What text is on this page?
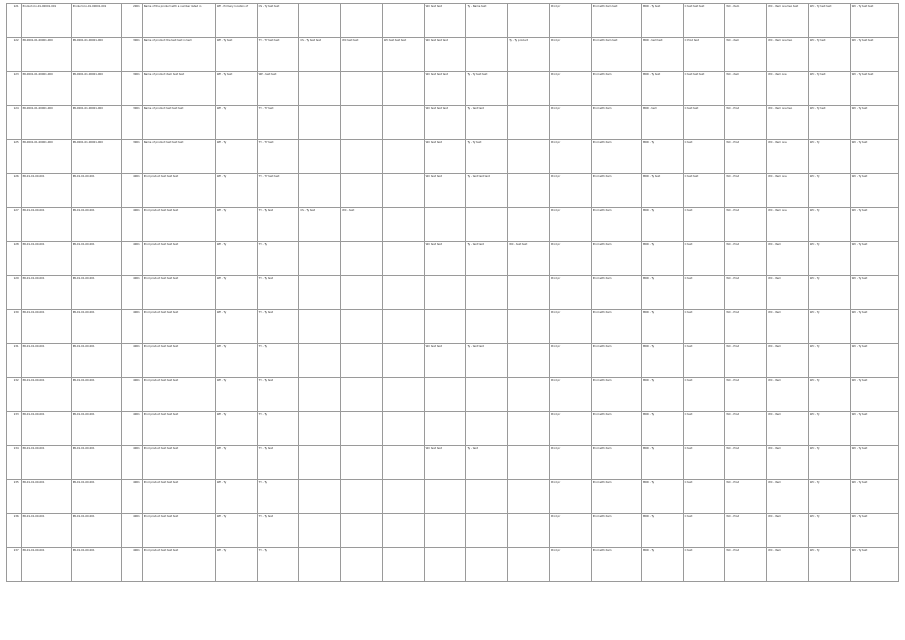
121	Product-Co-01-00001-001	Product-Co-01-00001-001	2001	Name of the product with a number listed in	WP - Primary location of	CS - Ty text text				WC text text	Ty - Name text		Prod pr	Prod with item text	MRD - Ty text	C text text text	WC - Item	WC - Item one two text	WC - Ty text text	WC - Ty text text
122	PR-0001-01-00001-000	PR-0001-01-00001-000	3001	Name of product the text text in text	WP - Ty text	TY - TY text text	CS - Ty text text	WC text text	WC text text text	WC text text text		Ty - Ty product	Prod pr	Prod with item text	MRD - text text	C Prod text	WC - item	WC - Item one two	WC - Ty text	WC - Ty text text
123	PR-0001-01-00001-000	PR-0001-01-00001-000	3001	Name of product item text text	WP - Ty text	WP - text text				WC text text text	Ty - Ty text text		Prod pr	Prod with item	MRD - Ty text	C text text text	WC - item	WC - item one	WC - Ty text	WC - Ty text text
124	PR-0001-01-00001-000	PR-0001-01-00001-000	3001	Name of product text text text	WP - Ty	TY - TY text				WC text text text	Ty - text text		Prod pr	Prod with item	MRD - text	C text text	WC - Prod	WC - Item one two	WC - Ty text	WC - Ty text
125	PR-0001-01-00001-000	PR-0001-01-00001-000	3001	Name of product text text text	WP - Ty	TY - TY text				WC text text	Ty - Ty text		Prod pr	Prod with item	MRD - Ty	C text	WC - Prod	WC - Item one	WC - Ty	WC - Ty text
126	PR-01-01-00-001	PR-01-01-00-001	4001	Prod product text text text	WP - Ty	TY - TY text text				WC text text	Ty - text text text		Prod pr	Prod with item	MRD - Ty text	C text text	WC - Prod	WC - Item one	WC - Ty	WC - Ty text
127	PR-01-01-00-001	PR-01-01-00-001	4001	Prod product text text text	WP - Ty	TY - Ty text	CS - Ty text	WC - text					Prod pr	Prod with item	MRD - Ty	C text	WC - Prod	WC - Item one	WC - Ty	WC - Ty text
128	PR-01-01-00-001	PR-01-01-00-001	4001	Prod product text text text	WP - Ty	TY - Ty				WC text text	Ty - text text	WC - text text	Prod pr	Prod with item	MRD - Ty	C text	WC - Prod	WC - Item	WC - Ty	WC - Ty text
129	PR-01-01-00-001	PR-01-01-00-001	4001	Prod product text text text	WP - Ty	TY - Ty text							Prod pr	Prod with item	MRD - Ty	C text	WC - Prod	WC - Item	WC - Ty	WC - Ty text
130	PR-01-01-00-001	PR-01-01-00-001	4001	Prod product text text text	WP - Ty	TY - Ty text							Prod pr	Prod with item	MRD - Ty	C text	WC - Prod	WC - Item	WC - Ty	WC - Ty text
131	PR-01-01-00-001	PR-01-01-00-001	4001	Prod product text text text	WP - Ty	TY - Ty				WC text text	Ty - text text		Prod pr	Prod with item	MRD - Ty	C text	WC - Prod	WC - Item	WC - Ty	WC - Ty text
132	PR-01-01-00-001	PR-01-01-00-001	4001	Prod product text text text	WP - Ty	TY - Ty text							Prod pr	Prod with item	MRD - Ty	C text	WC - Prod	WC - Item	WC - Ty	WC - Ty text
133	PR-01-01-00-001	PR-01-01-00-001	4001	Prod product text text text	WP - Ty	TY - Ty							Prod pr	Prod with item	MRD - Ty	C text	WC - Prod	WC - Item	WC - Ty	WC - Ty text
134	PR-01-01-00-001	PR-01-01-00-001	4001	Prod product text text text	WP - Ty	TY - Ty text				WC text text	Ty - text		Prod pr	Prod with item	MRD - Ty	C text	WC - Prod	WC - Item	WC - Ty	WC - Ty text
135	PR-01-01-00-001	PR-01-01-00-001	4001	Prod product text text text	WP - Ty	TY - Ty							Prod pr	Prod with item	MRD - Ty	C text	WC - Prod	WC - Item	WC - Ty	WC - Ty text
136	PR-01-01-00-001	PR-01-01-00-001	4001	Prod product text text text	WP - Ty	TY - Ty text							Prod pr	Prod with item	MRD - Ty	C text	WC - Prod	WC - Item	WC - Ty	WC - Ty text
137	PR-01-01-00-001	PR-01-01-00-001	4001	Prod product text text text	WP - Ty	TY - Ty							Prod pr	Prod with item	MRD - Ty	C text	WC - Prod	WC - Item	WC - Ty	WC - Ty text
